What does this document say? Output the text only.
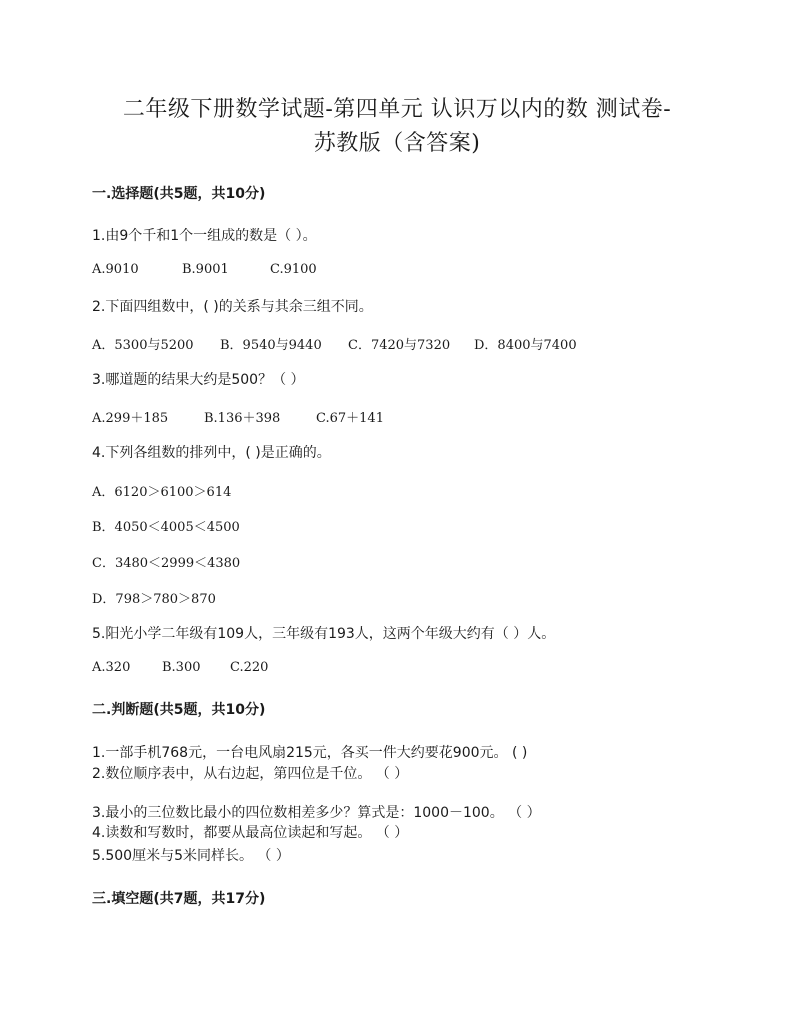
二年级下册数学试题-第四单元 认识万以内的数 测试卷-
苏教版（含答案)
一.选择题(共5题，共10分)
1.由9个千和1个一组成的数是（ ）。
A.9010	B.9001	C.9100
2.下面四组数中，( )的关系与其余三组不同。
A．5300与5200 B．9540与9440 C．7420与7320 D．8400与7400
3.哪道题的结果大约是500？（ ）
A.299＋185	B.136＋398	C.67＋141
4.下列各组数的排列中，( )是正确的。
A．6120＞6100＞614
B．4050＜4005＜4500
C．3480＜2999＜4380
D．798＞780＞870
5.阳光小学二年级有109人，三年级有193人，这两个年级大约有（ ）人。
A.320 B.300 C.220
二.判断题(共5题，共10分)
1.一部手机768元，一台电风扇215元，各买一件大约要花900元。 ( )
2.数位顺序表中，从右边起，第四位是千位。 （ ）
3.最小的三位数比最小的四位数相差多少？算式是：1000－100。 （ ）
4.读数和写数时，都要从最高位读起和写起。 （ ）
5.500厘米与5米同样长。 （ ）
三.填空题(共7题，共17分)
